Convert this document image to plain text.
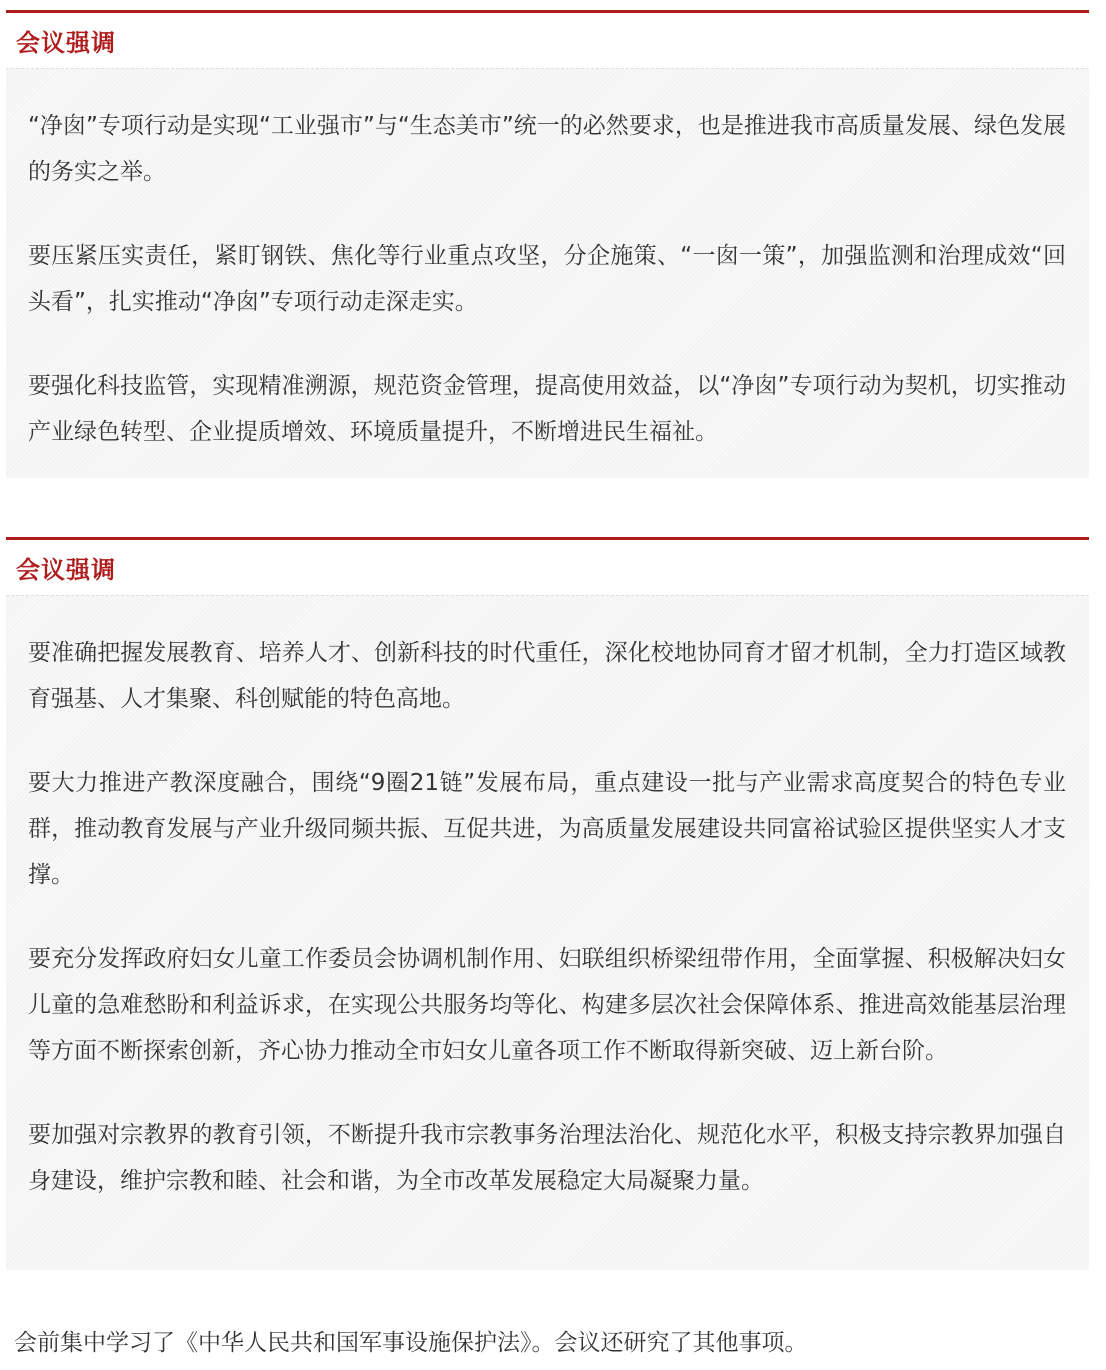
会议强调

“净囱”专项行动是实现“工业强市”与“生态美市”统一的必然要求，也是推进我市高质量发展、绿色发展的务实之举。

要压紧压实责任，紧盯钢铁、焦化等行业重点攻坚，分企施策、“一囱一策”，加强监测和治理成效“回头看”，扎实推动“净囱”专项行动走深走实。

要强化科技监管，实现精准溯源，规范资金管理，提高使用效益，以“净囱”专项行动为契机，切实推动产业绿色转型、企业提质增效、环境质量提升，不断增进民生福祉。

会议强调

要准确把握发展教育、培养人才、创新科技的时代重任，深化校地协同育才留才机制，全力打造区域教育强基、人才集聚、科创赋能的特色高地。

要大力推进产教深度融合，围绕“9圈21链”发展布局，重点建设一批与产业需求高度契合的特色专业群，推动教育发展与产业升级同频共振、互促共进，为高质量发展建设共同富裕试验区提供坚实人才支撑。

要充分发挥政府妇女儿童工作委员会协调机制作用、妇联组织桥梁纽带作用，全面掌握、积极解决妇女儿童的急难愁盼和利益诉求，在实现公共服务均等化、构建多层次社会保障体系、推进高效能基层治理等方面不断探索创新，齐心协力推动全市妇女儿童各项工作不断取得新突破、迈上新台阶。

要加强对宗教界的教育引领，不断提升我市宗教事务治理法治化、规范化水平，积极支持宗教界加强自身建设，维护宗教和睦、社会和谐，为全市改革发展稳定大局凝聚力量。

会前集中学习了《中华人民共和国军事设施保护法》。会议还研究了其他事项。
